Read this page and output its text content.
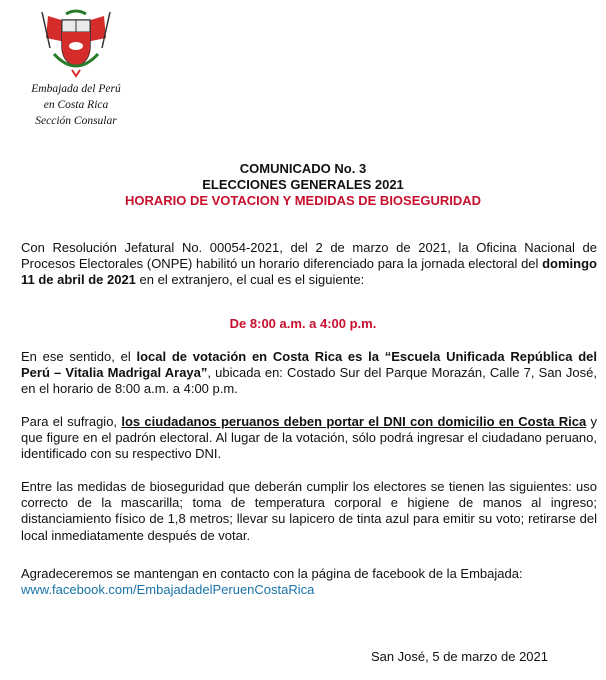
Embajada del Perú
en Costa Rica
Sección Consular
COMUNICADO No. 3
ELECCIONES GENERALES 2021
HORARIO DE VOTACION Y MEDIDAS DE BIOSEGURIDAD
Con Resolución Jefatural No. 00054-2021, del 2 de marzo de 2021, la Oficina Nacional de Procesos Electorales (ONPE) habilitó un horario diferenciado para la jornada electoral del domingo 11 de abril de 2021 en el extranjero, el cual es el siguiente:
De 8:00 a.m. a 4:00 p.m.
En ese sentido, el local de votación en Costa Rica es la “Escuela Unificada República del Perú – Vitalia Madrigal Araya”, ubicada en: Costado Sur del Parque Morazán, Calle 7, San José, en el horario de 8:00 a.m. a 4:00 p.m.
Para el sufragio, los ciudadanos peruanos deben portar el DNI con domicilio en Costa Rica y que figure en el padrón electoral. Al lugar de la votación, sólo podrá ingresar el ciudadano peruano, identificado con su respectivo DNI.
Entre las medidas de bioseguridad que deberán cumplir los electores se tienen las siguientes: uso correcto de la mascarilla; toma de temperatura corporal e higiene de manos al ingreso; distanciamiento físico de 1,8 metros; llevar su lapicero de tinta azul para emitir su voto; retirarse del local inmediatamente después de votar.
Agradeceremos se mantengan en contacto con la página de facebook de la Embajada:
www.facebook.com/EmbajadadelPeruenCostaRica
San José, 5 de marzo de 2021
